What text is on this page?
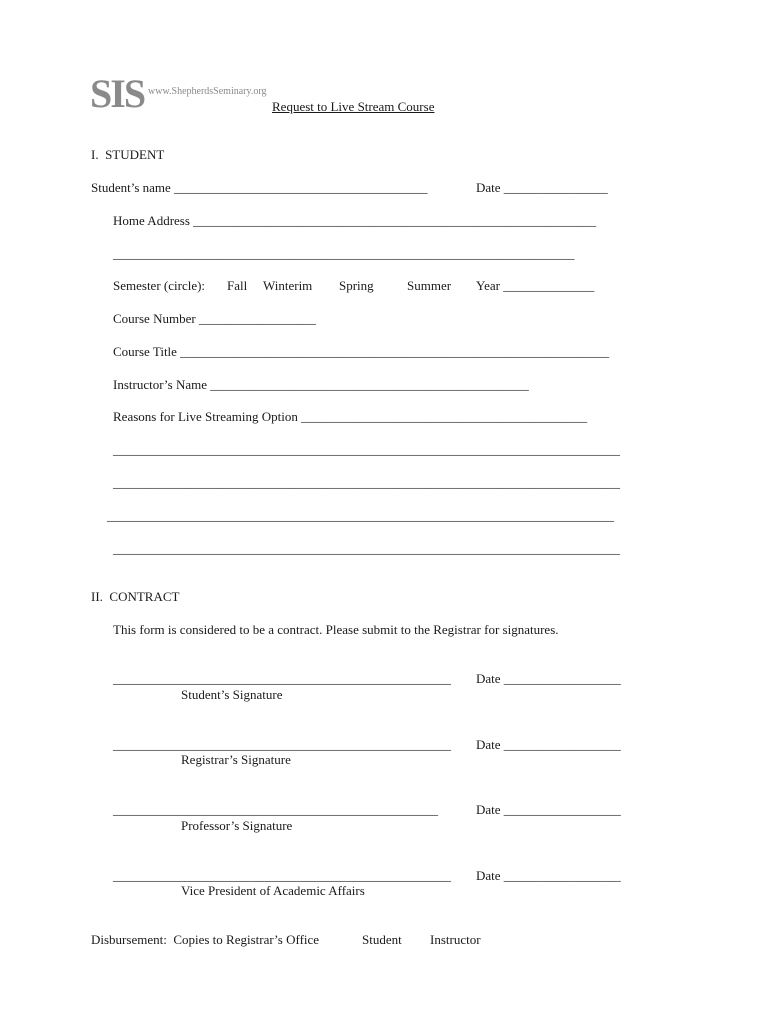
SIS www.ShepherdsSeminary.org
Request to Live Stream Course
I.  STUDENT
Student’s name _______________________________________	Date ________________
Home Address ______________________________________________________________
_______________________________________________________________________
Semester (circle): Fall Winterim Spring	Summer Year ______________
Course Number __________________
Course Title __________________________________________________________________
Instructor’s Name _________________________________________________
Reasons for Live Streaming Option ____________________________________________
______________________________________________________________________________
______________________________________________________________________________
______________________________________________________________________________
______________________________________________________________________________
II.  CONTRACT
This form is considered to be a contract. Please submit to the Registrar for signatures.
____________________________________________________ Date __________________
Student’s Signature
____________________________________________________ Date __________________
Registrar’s Signature
__________________________________________________	Date __________________
Professor’s Signature
____________________________________________________ Date __________________
Vice President of Academic Affairs
Disbursement:  Copies to Registrar’s Office	Student Instructor
